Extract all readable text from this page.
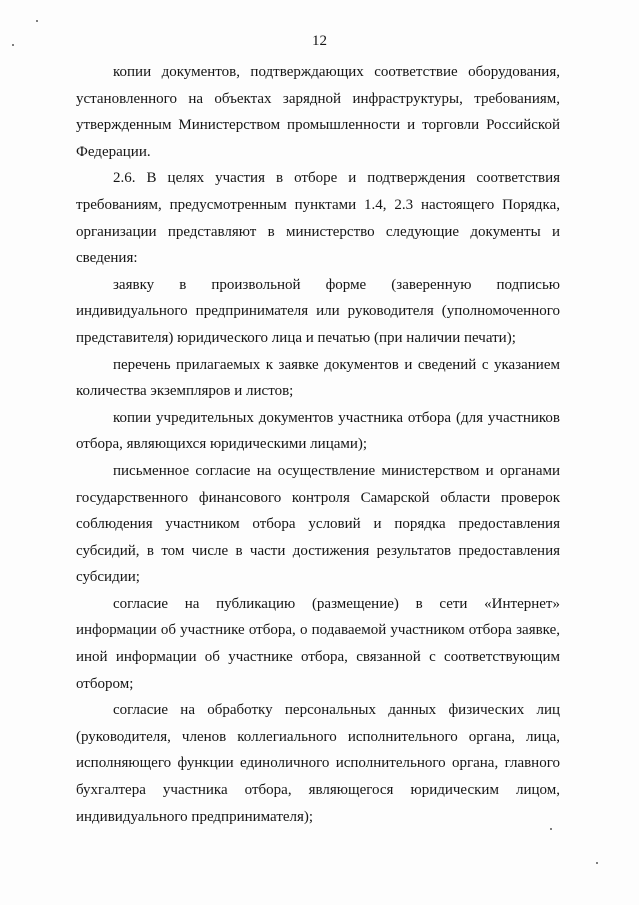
12

копии документов, подтверждающих соответствие оборудования, установленного на объектах зарядной инфраструктуры, требованиям, утвержденным Министерством промышленности и торговли Российской Федерации.

2.6. В целях участия в отборе и подтверждения соответствия требованиям, предусмотренным пунктами 1.4, 2.3 настоящего Порядка, организации представляют в министерство следующие документы и сведения:

заявку в произвольной форме (заверенную подписью индивидуального предпринимателя или руководителя (уполномоченного представителя) юридического лица и печатью (при наличии печати);

перечень прилагаемых к заявке документов и сведений с указанием количества экземпляров и листов;

копии учредительных документов участника отбора (для участников отбора, являющихся юридическими лицами);

письменное согласие на осуществление министерством и органами государственного финансового контроля Самарской области проверок соблюдения участником отбора условий и порядка предоставления субсидий, в том числе в части достижения результатов предоставления субсидии;

согласие на публикацию (размещение) в сети «Интернет» информации об участнике отбора, о подаваемой участником отбора заявке, иной информации об участнике отбора, связанной с соответствующим отбором;

согласие на обработку персональных данных физических лиц (руководителя, членов коллегиального исполнительного органа, лица, исполняющего функции единоличного исполнительного органа, главного бухгалтера участника отбора, являющегося юридическим лицом, индивидуального предпринимателя);
